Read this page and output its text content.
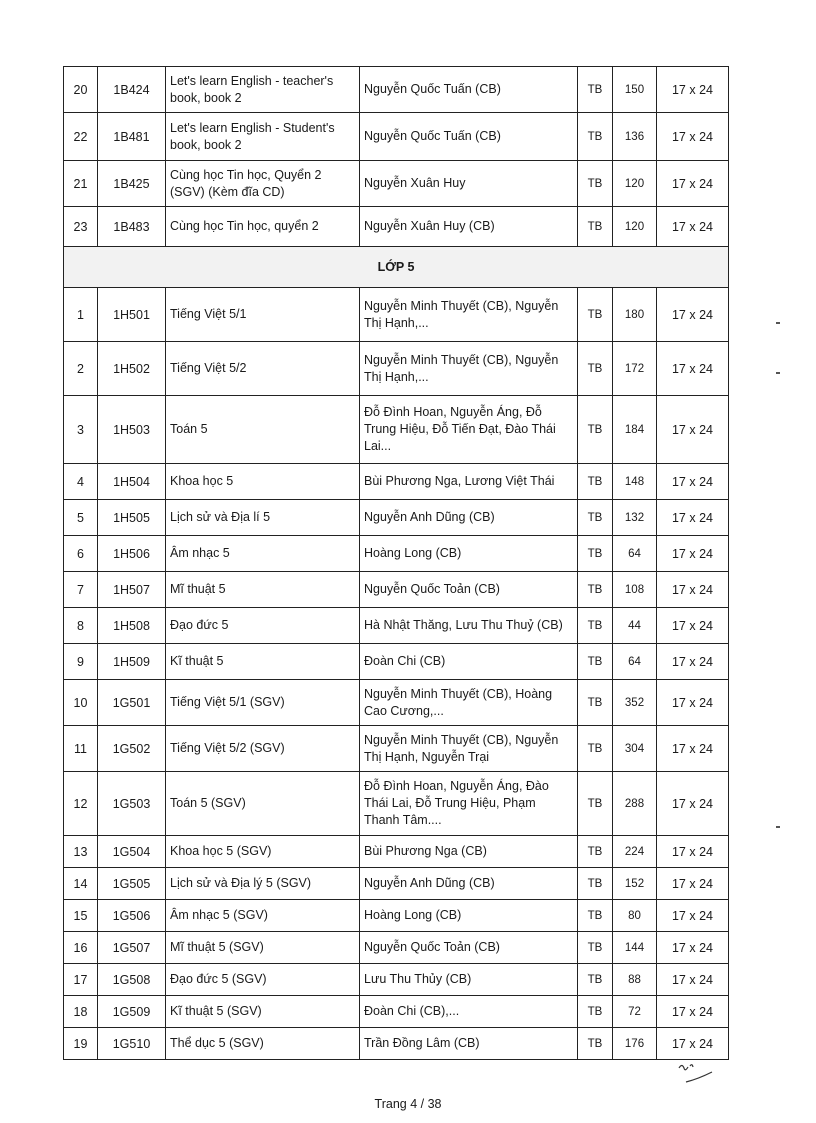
20	1B424	Let's learn English - teacher's book, book 2	Nguyễn Quốc Tuấn (CB)	TB	150	17 x 24
22	1B481	Let's learn English - Student's book, book 2	Nguyễn Quốc Tuấn (CB)	TB	136	17 x 24
21	1B425	Cùng học Tin học, Quyển 2 (SGV) (Kèm đĩa CD)	Nguyễn Xuân Huy	TB	120	17 x 24
23	1B483	Cùng học Tin học, quyển 2	Nguyễn Xuân Huy (CB)	TB	120	17 x 24
LỚP 5						
1	1H501	Tiếng Việt 5/1	Nguyễn Minh Thuyết (CB), Nguyễn Thị Hạnh,...	TB	180	17 x 24
2	1H502	Tiếng Việt 5/2	Nguyễn Minh Thuyết (CB), Nguyễn Thị Hạnh,...	TB	172	17 x 24
3	1H503	Toán 5	Đỗ Đình Hoan, Nguyễn Áng, Đỗ Trung Hiệu, Đỗ Tiến Đạt, Đào Thái Lai...	TB	184	17 x 24
4	1H504	Khoa học 5	Bùi Phương Nga, Lương Việt Thái	TB	148	17 x 24
5	1H505	Lịch sử và Địa lí 5	Nguyễn Anh Dũng (CB)	TB	132	17 x 24
6	1H506	Âm nhạc 5	Hoàng Long (CB)	TB	64	17 x 24
7	1H507	Mĩ thuật 5	Nguyễn Quốc Toản (CB)	TB	108	17 x 24
8	1H508	Đạo đức 5	Hà Nhật Thăng, Lưu Thu Thuỷ (CB)	TB	44	17 x 24
9	1H509	Kĩ thuật 5	Đoàn Chi (CB)	TB	64	17 x 24
10	1G501	Tiếng Việt 5/1 (SGV)	Nguyễn Minh Thuyết (CB), Hoàng Cao Cương,...	TB	352	17 x 24
11	1G502	Tiếng Việt 5/2 (SGV)	Nguyễn Minh Thuyết (CB), Nguyễn Thị Hạnh, Nguyễn Trại	TB	304	17 x 24
12	1G503	Toán 5 (SGV)	Đỗ Đình Hoan, Nguyễn Áng, Đào Thái Lai, Đỗ Trung Hiệu, Phạm Thanh Tâm....	TB	288	17 x 24
13	1G504	Khoa học 5 (SGV)	Bùi Phương Nga (CB)	TB	224	17 x 24
14	1G505	Lịch sử và Địa lý 5 (SGV)	Nguyễn Anh Dũng (CB)	TB	152	17 x 24
15	1G506	Âm nhạc 5 (SGV)	Hoàng Long (CB)	TB	80	17 x 24
16	1G507	Mĩ thuật 5 (SGV)	Nguyễn Quốc Toản (CB)	TB	144	17 x 24
17	1G508	Đạo đức 5 (SGV)	Lưu Thu Thủy (CB)	TB	88	17 x 24
18	1G509	Kĩ thuật 5 (SGV)	Đoàn Chi (CB),...	TB	72	17 x 24
19	1G510	Thể dục 5 (SGV)	Trần Đồng Lâm (CB)	TB	176	17 x 24
Trang 4 / 38
